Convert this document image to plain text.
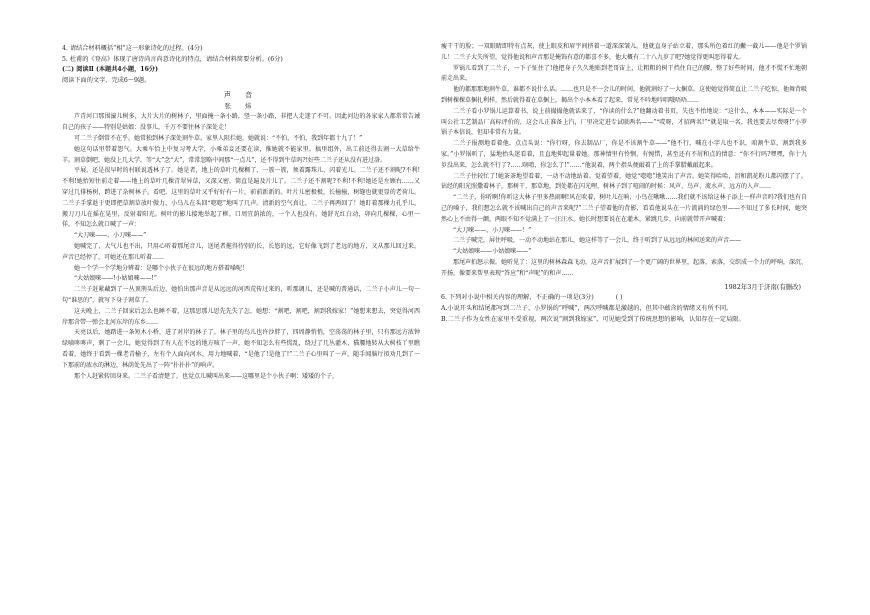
4. 请结合材料概括“相”这一形象诗化的过程。(4分)

5. 杜甫的《登高》体现了唐诗尚言尚意诗化的特点，请结合材料简要分析。(6分)

(二) 阅读Ⅱ (本题共4小题，16分)

阅读下面的文字，完成6～9题。

声 音

张 炜

芦青河口那围濠儿树多，大片大片的树林子，里面掩一条小路，竖一条小路，非把人走迷了不可。因此河边的各家家人都常常告诫自己的孩子——特别是姑娘：没事儿，千万不要往林子深处走！

可二兰子倒常不在乎，她常独到林子深处割牛草。家里人阻拦她，她就说：“不怕，不怕，我到年都十九了！”

她这句话里带着怨气。大乘车恰上中复习考大学，小乘弟妾还要在读，推她就不能家里。搞里组外，出工前还得去割一大草给牛羊。割草倒吧，她没上几大学，等“大”念“大”，常常忽略中间那“一点儿”，还不得到牛草吗?!好些二兰子还从没有进过洛。

平展，还是很早时的村联说透林子了。她是者，地上的草叶几棵稠了，一簇一簇，须着露珠儿，闪着光儿。二兰子还不割呢?不利!不利!她抬短往前走着——地上的草叶几棵青翠异草，又深又密，简直是遍及片儿了。二兰子还不割呢?不利!不利!她还是左顾右……又穿过几排杨树，跨进了杂树林子。看吧，这里的草叶又乎好好有一片，前前新新的。叶片儿密极极，长撞撞，树缝也就更显的老荷儿。二兰子手掌趁于更即把草割草放叶傲力，小乌儿在头回“唿唿”地叫了几声。清新的空气真让，二兰子再两回了！她盯着那棵力孔乎儿，搬刀刀儿在摇在晃里，反射着阳光。树叶的影儿接地举起了框。口周宜荫浓的，一个人也没有。她舒光红白动，卯向几棵棵，心里一佯，不知怎么就口喊了一声：

“大刀唻——，小刀唻——”

她喊完了，大气儿也不出，只用心听着那尾音儿，送尾者拖得待别的长，长悠的远，它好像飞到了老远的地方，又从那儿回过来。声音已经停了，可她还在那儿听着……

她一个学一个学地分辨着：是哪个小伙子在很远的地方搭着嗓呢！

“大姑娘唻——!小姑娘唻——!”

二兰子赶紧藏到了一丛顶荆头后边，她怕出那声音是从远远的河西荒传过来的，听那调儿，还是喊的普通话，二兰子小声儿一句一句“谁思的”，就写下身子割草了。

这天晚上，二兰子回家后怎么也睡不着，这那思那儿思先先失了怎，她想：“割吧，割吧，割到我嫁家！”她想来想去，突觉得河西岸那含带一弹会北河东岸的东乡……

天亮以后，她踏进一条短木小桥，进了对岸的林子了。林子里的鸟儿也许沙胖了，四周静悄悄，空荡荡的林子里，只有那远方浓钟绿嘀哆哆声，剩了一会儿，她觉得到了有人在不远的地方咳了一声，她不知怎么有些慌乱，绕过了几丛灌木，猫腰地转从大树枝丫里瞧看着，她终于看到一棵老青榆子，左有个人面向河水，用力地喊着，“是他了!是他了!”二兰子心里叫了一声，随手闻脑厅拟劝几到了一下那前的浓水的淋边，林荫处先出了一阵“扑扑扑”的响声。

那个人赶紧转回身来。二兰子看清楚了，也觉点儿喊叫出来——这哪里是个小伙子啊：矮矮的个子，

瘦干干的脸；一双眼睛即特有点灰，使上眼皮和眉宇间挤着一道深深皱儿。他就直身子站立着，那头所色着红的撇一截儿——他是个罗锅儿！二兰子大失所望，觉得他说和声音那是掩饰有意的都喜不多，他大概有二十八九岁了吧?她觉得更叫恶得着大。

罗锅儿看到了二兰子，一下子怔住了!他把身子久久地贴到老哥宙上，让粗粗的树干挡住自己的腰，整了好些时间，他才不慌不忙地朝前走出来。

他的都那那地割牛草，谁都不说什么话。……也只是不一会儿的时间，他就割好了一大捆草，这使她觉得简直让二兰子吃惊，他舞背吸到树棵棵草捆扎利样，然后就得着在草捆上，揭出个小本本看了起来，常见不吟地吟唱哦唔唔……

二兰子看小罗锅儿运算着书，说上前撮撮他就话来了，“你读的什么?”他翻动着书页，失也不抬地说：“这什么，本本——实际是一个叫公社工艺制品厂高标评价的，这会儿正准备上汽，厂里决定进专试联两名——”“哎呀，才招两名!”“就是取一名，我也要去尽费呀!”小罗锅子本信说，但却非常有力量。

二兰子报测地看着他，点点头说：“你行呀，你去制品厂，你是不该割牛草——”他不行，喊在小字儿也不识，咱割牛草，割到我多家。”小罗锅听了，猛地抬头迷看着，且直地抑起量着她。那神情里有怜悯，有惋惜，甚至还有不屑和点的情意：“你不行吗?嘿嘿，你十九岁没出来，怎么就不行了?……嗐唷，你怎么了!”……“他说着，两个指头便敲着了上的手掌腊戴敲起来。

二兰子往较忙了!她茶茶地望看着，一动不动地站着。觉着望着，她觉“唿唿”地笑出了声音。她笑得哈哈，沮和凯花粉儿都闪摆了了。钻经的阳光照撒着林子，那树干、那草地，到处都在闪光哩，树林子到了喧闹的时候：风声、鸟声、流水声，远方的人声……

“二兰子，你听啊!你听这大林子里多热闹啊!风在吹着，树叶儿在响，小鸟在啾啾……我们就不该给这林子添上一样声音吗?我们也有自己的嗓子，我们想怎么就不该喊出自己的声音来呢?”二兰子望着他的背影，看看他说头在一片流淌的绿色里——不知过了多长时间，她突然心上不由得一颤，两眼不知不觉满上了一汪汪水，她长时想要说在在灌木，紧跳几步，向前就带开声喊着：

“大刀唻——，小刀唻——！”

二兰子喊完，屏住呼吸，一动不动地站在那儿，她这样等了一会儿，终于听到了从远远的林间送来的声音——

“大姑娘唻——小姑娘唻——”

那尾声拍怒示振。她听见了：这里的树林森森飞动，这声音扩展到了一个更广阔的世界里，起落，索落，交织成一个力的呼响，深沉、开扬，像要来帮里表现“答应”和“声呢”的和声……

1982年3月于济南(有删改)

6. 下列对小说中相关内容的理解，不正确的一项是(3分)	( )

A.小说开头和结尾都写到二兰子、小罗锅的“呼喊”，两次呼喊都是激越的，但其中蕴含的情绪又有所不同。

B.二兰子作为女性在家里不受重视，两次说“割到我嫁家”，可见她受到了传统思想的影响，认知存在一定局限。
